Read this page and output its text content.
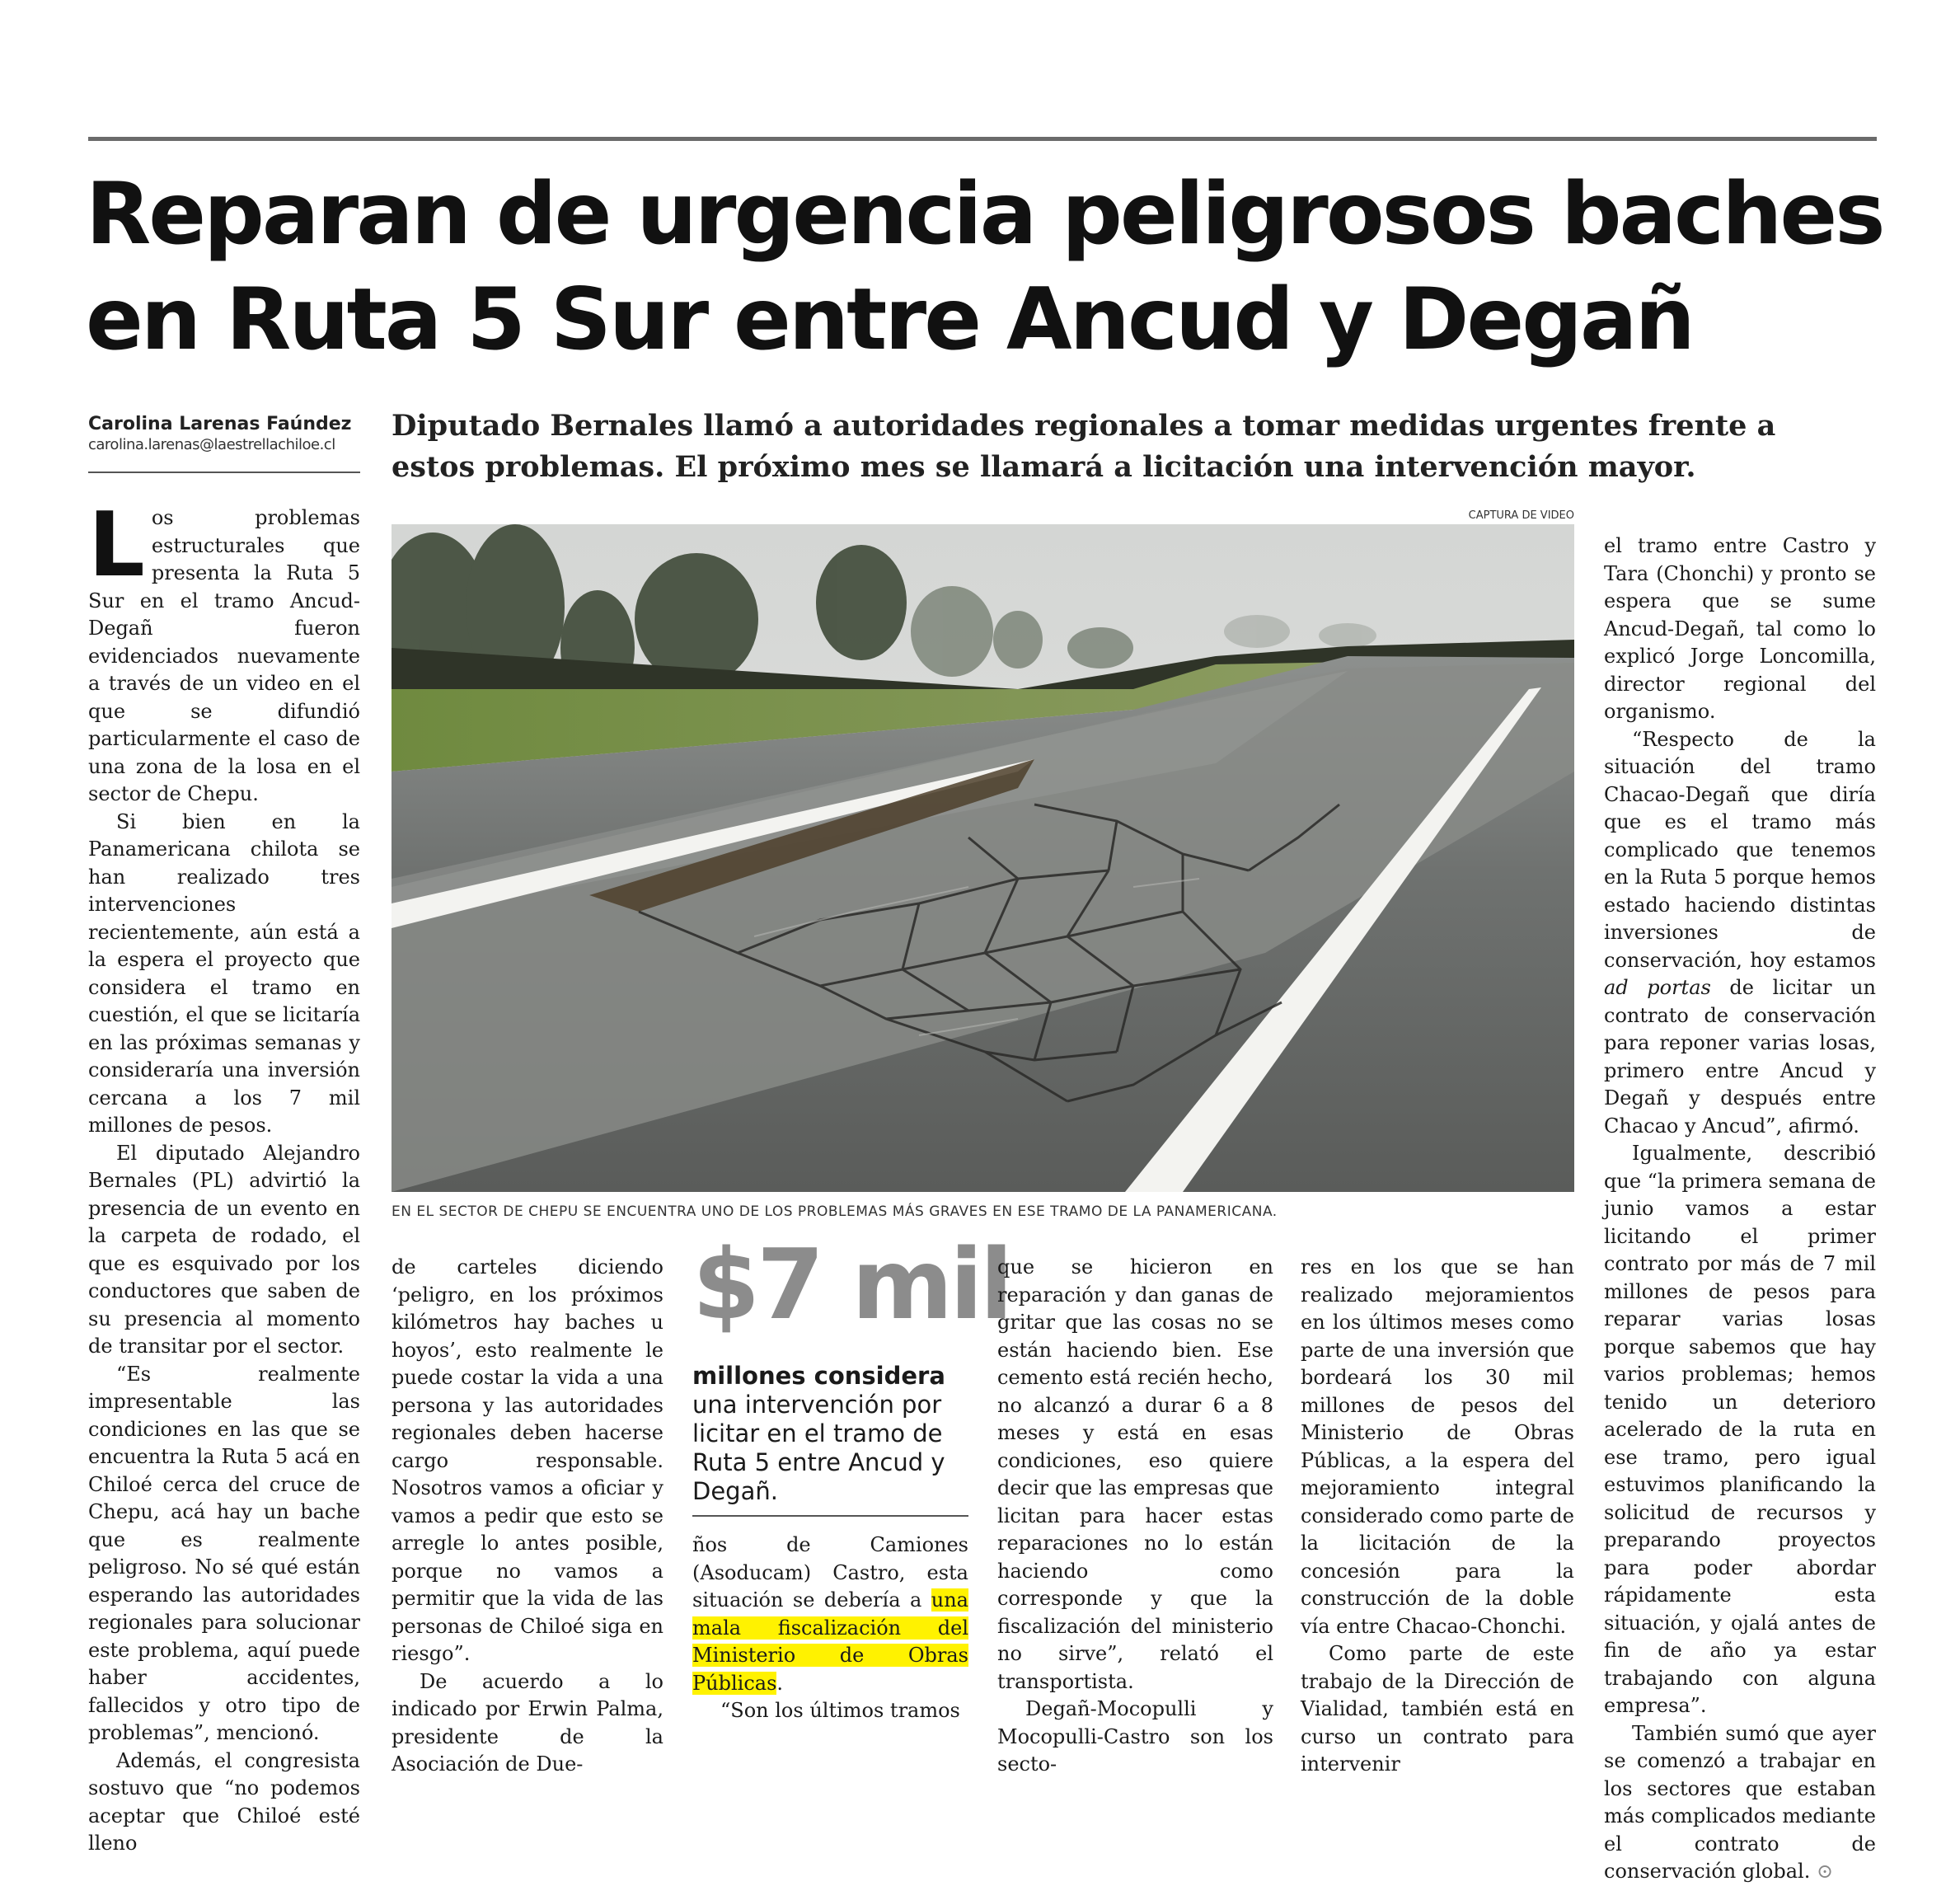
Reparan de urgencia peligrosos baches en Ruta 5 Sur entre Ancud y Degañ
Carolina Larenas Faúndez
carolina.larenas@laestrellachiloe.cl

Diputado Bernales llamó a autoridades regionales a tomar medidas urgentes frente a estos problemas. El próximo mes se llamará a licitación una intervención mayor.

CAPTURA DE VIDEO
EN EL SECTOR DE CHEPU SE ENCUENTRA UNO DE LOS PROBLEMAS MÁS GRAVES EN ESE TRAMO DE LA PANAMERICANA.

Los problemas estructurales que presenta la Ruta 5 Sur en el tramo Ancud-Degañ fueron evidenciados nuevamente a través de un video en el que se difundió particularmente el caso de una zona de la losa en el sector de Chepu.

Si bien en la Panamericana chilota se han realizado tres intervenciones recientemente, aún está a la espera el proyecto que considera el tramo en cuestión, el que se licitaría en las próximas semanas y consideraría una inversión cercana a los 7 mil millones de pesos.

El diputado Alejandro Bernales (PL) advirtió la presencia de un evento en la carpeta de rodado, el que es esquivado por los conductores que saben de su presencia al momento de transitar por el sector.

“Es realmente impresentable las condiciones en las que se encuentra la Ruta 5 acá en Chiloé cerca del cruce de Chepu, acá hay un bache que es realmente peligroso. No sé qué están esperando las autoridades regionales para solucionar este problema, aquí puede haber accidentes, fallecidos y otro tipo de problemas”, mencionó.

Además, el congresista sostuvo que “no podemos aceptar que Chiloé esté lleno

de carteles diciendo ‘peligro, en los próximos kilómetros hay baches u hoyos’, esto realmente le puede costar la vida a una persona y las autoridades regionales deben hacerse cargo responsable. Nosotros vamos a oficiar y vamos a pedir que esto se arregle lo antes posible, porque no vamos a permitir que la vida de las personas de Chiloé siga en riesgo”.

De acuerdo a lo indicado por Erwin Palma, presidente de la Asociación de Due-

$7 mil
millones considera una intervención por licitar en el tramo de Ruta 5 entre Ancud y Degañ.

ños de Camiones (Asoducam) Castro, esta situación se debería a una mala fiscalización del Ministerio de Obras Públicas.

“Son los últimos tramos

que se hicieron en reparación y dan ganas de gritar que las cosas no se están haciendo bien. Ese cemento está recién hecho, no alcanzó a durar 6 a 8 meses y está en esas condiciones, eso quiere decir que las empresas que licitan para hacer estas reparaciones no lo están haciendo como corresponde y que la fiscalización del ministerio no sirve”, relató el transportista.

Degañ-Mocopulli y Mocopulli-Castro son los secto-

res en los que se han realizado mejoramientos en los últimos meses como parte de una inversión que bordeará los 30 mil millones de pesos del Ministerio de Obras Públicas, a la espera del mejoramiento integral considerado como parte de la licitación de la concesión para la construcción de la doble vía entre Chacao-Chonchi.

Como parte de este trabajo de la Dirección de Vialidad, también está en curso un contrato para intervenir

el tramo entre Castro y Tara (Chonchi) y pronto se espera que se sume Ancud-Degañ, tal como lo explicó Jorge Loncomilla, director regional del organismo.

“Respecto de la situación del tramo Chacao-Degañ que diría que es el tramo más complicado que tenemos en la Ruta 5 porque hemos estado haciendo distintas inversiones de conservación, hoy estamos ad portas de licitar un contrato de conservación para reponer varias losas, primero entre Ancud y Degañ y después entre Chacao y Ancud”, afirmó.

Igualmente, describió que “la primera semana de junio vamos a estar licitando el primer contrato por más de 7 mil millones de pesos para reparar varias losas porque sabemos que hay varios problemas; hemos tenido un deterioro acelerado de la ruta en ese tramo, pero igual estuvimos planificando la solicitud de recursos y preparando proyectos para poder abordar rápidamente esta situación, y ojalá antes de fin de año ya estar trabajando con alguna empresa”.

También sumó que ayer se comenzó a trabajar en los sectores que estaban más complicados mediante el contrato de conservación global. ⊙
